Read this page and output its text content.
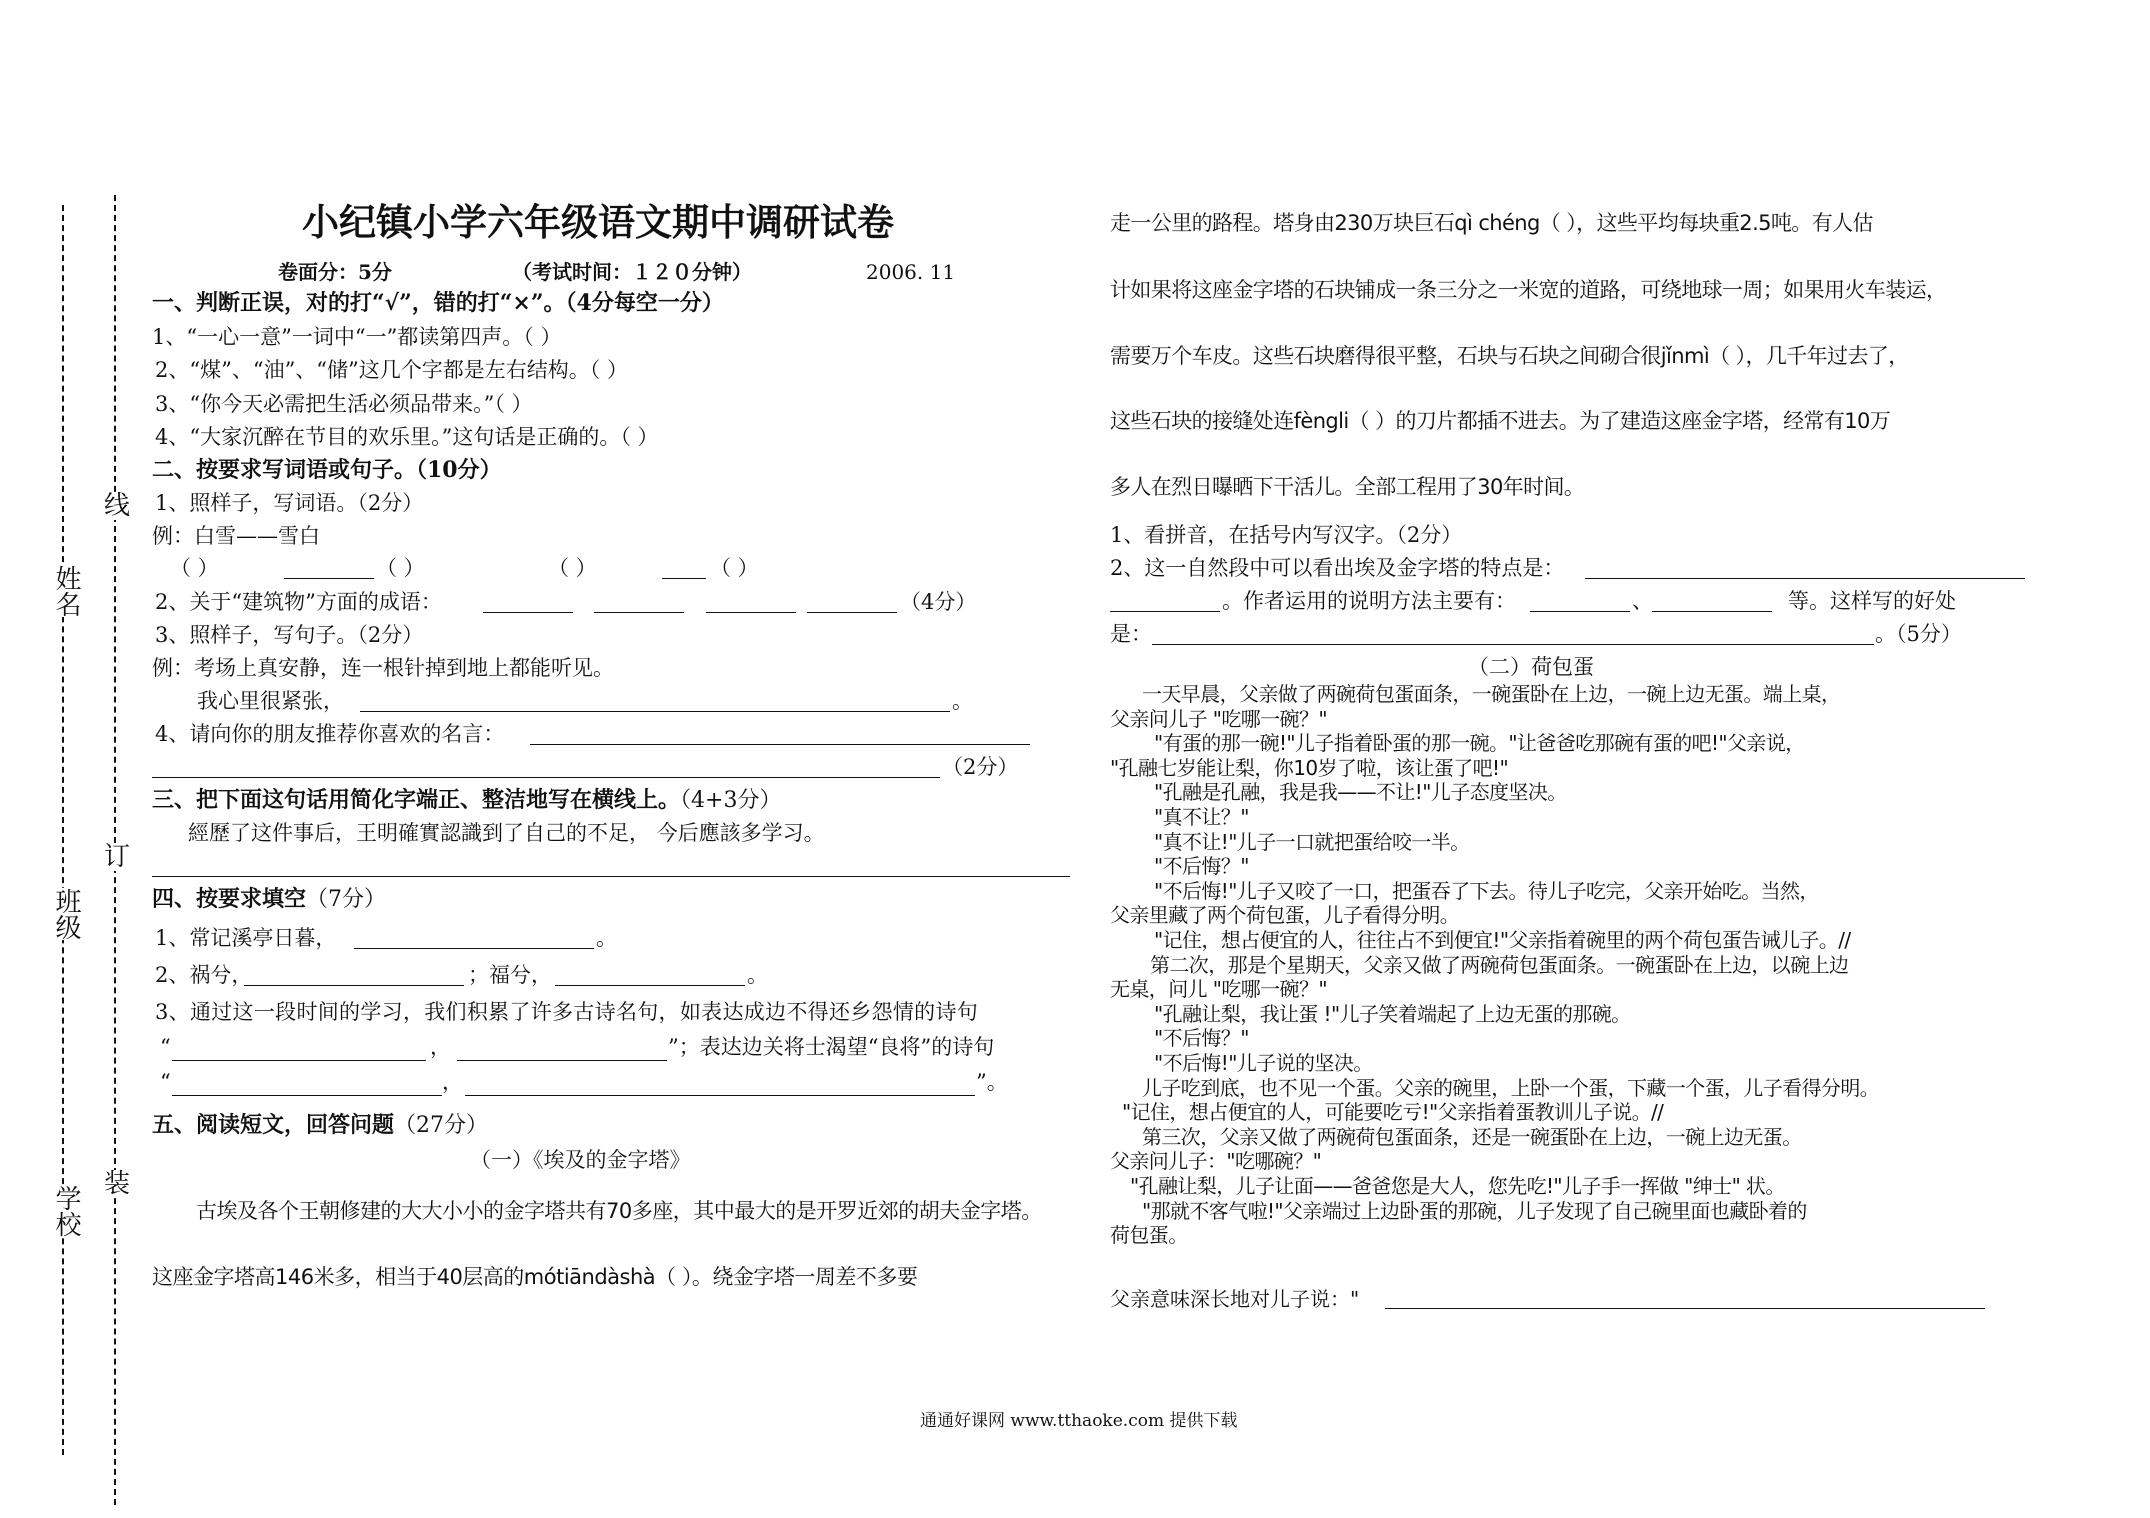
姓名
班级
学校
线
订
装
小纪镇小学六年级语文期中调研试卷
卷面分：5分	（考试时间：１２０分钟）	2006. 11
一、判断正误，对的打“√”，错的打“×”。（4分每空一分）
1、“一心一意”一词中“一”都读第四声。（ ）
2、“煤”、“油”、“储”这几个字都是左右结构。（ ）
3、“你今天必需把生活必须品带来。”（ ）
4、“大家沉醉在节目的欢乐里。”这句话是正确的。（ ）
二、按要求写词语或句子。（10分）
1、照样子，写词语。（2分）
例：白雪——雪白
（ ）	（ ）	（ ）	（ ）
2、关于“建筑物”方面的成语：	（4分）
3、照样子，写句子。（2分）
例：考场上真安静，连一根针掉到地上都能听见。
我心里很紧张，	。
4、请向你的朋友推荐你喜欢的名言：
（2分）
三、把下面这句话用简化字端正、整洁地写在横线上。（4+3分）
經歷了这件事后，王明確實認識到了自己的不足， 今后應該多学习。
四、按要求填空（7分）
1、常记溪亭日暮，	。
2、祸兮，	；福兮，	。
3、通过这一段时间的学习，我们积累了许多古诗名句，如表达成边不得还乡怨情的诗句
“	，	”；表达边关将士渴望“良将”的诗句
“	，	”。
五、阅读短文，回答问题（27分）
（一）《埃及的金字塔》
古埃及各个王朝修建的大大小小的金字塔共有70多座，其中最大的是开罗近郊的胡夫金字塔。
这座金字塔高146米多，相当于40层高的mótiāndàshà（ ）。绕金字塔一周差不多要
走一公里的路程。塔身由230万块巨石qì chéng（ ），这些平均每块重2.5吨。有人估
计如果将这座金字塔的石块铺成一条三分之一米宽的道路，可绕地球一周；如果用火车装运，
需要万个车皮。这些石块磨得很平整，石块与石块之间砌合很jǐnmì（ ），几千年过去了，
这些石块的接缝处连fèngli（ ）的刀片都插不进去。为了建造这座金字塔，经常有10万
多人在烈日曝晒下干活儿。全部工程用了30年时间。
1、看拼音，在括号内写汉字。（2分）
2、这一自然段中可以看出埃及金字塔的特点是：
。作者运用的说明方法主要有：	、	等。这样写的好处
是：	。（5分）
（二）荷包蛋
一天早晨，父亲做了两碗荷包蛋面条，一碗蛋卧在上边，一碗上边无蛋。端上桌，
父亲问儿子 "吃哪一碗？"
"有蛋的那一碗!"儿子指着卧蛋的那一碗。"让爸爸吃那碗有蛋的吧!"父亲说，
"孔融七岁能让梨，你10岁了啦，该让蛋了吧!"
"孔融是孔融，我是我——不让!"儿子态度坚决。
"真不让？"
"真不让!"儿子一口就把蛋给咬一半。
"不后悔？"
"不后悔!"儿子又咬了一口，把蛋吞了下去。待儿子吃完，父亲开始吃。当然，
父亲里藏了两个荷包蛋，儿子看得分明。
"记住，想占便宜的人，往往占不到便宜!"父亲指着碗里的两个荷包蛋告诫儿子。//
第二次，那是个星期天，父亲又做了两碗荷包蛋面条。一碗蛋卧在上边，以碗上边
无桌，问儿 "吃哪一碗？"
"孔融让梨，我让蛋 !"儿子笑着端起了上边无蛋的那碗。
"不后悔？"
"不后悔!"儿子说的坚决。
儿子吃到底，也不见一个蛋。父亲的碗里，上卧一个蛋，下藏一个蛋，儿子看得分明。
"记住，想占便宜的人，可能要吃亏!"父亲指着蛋教训儿子说。//
第三次，父亲又做了两碗荷包蛋面条，还是一碗蛋卧在上边，一碗上边无蛋。
父亲问儿子："吃哪碗？"
"孔融让梨，儿子让面——爸爸您是大人，您先吃!"儿子手一挥做 "绅士" 状。
"那就不客气啦!"父亲端过上边卧蛋的那碗，儿子发现了自己碗里面也藏卧着的
荷包蛋。
父亲意味深长地对儿子说："
通通好课网 www.tthaoke.com 提供下载
